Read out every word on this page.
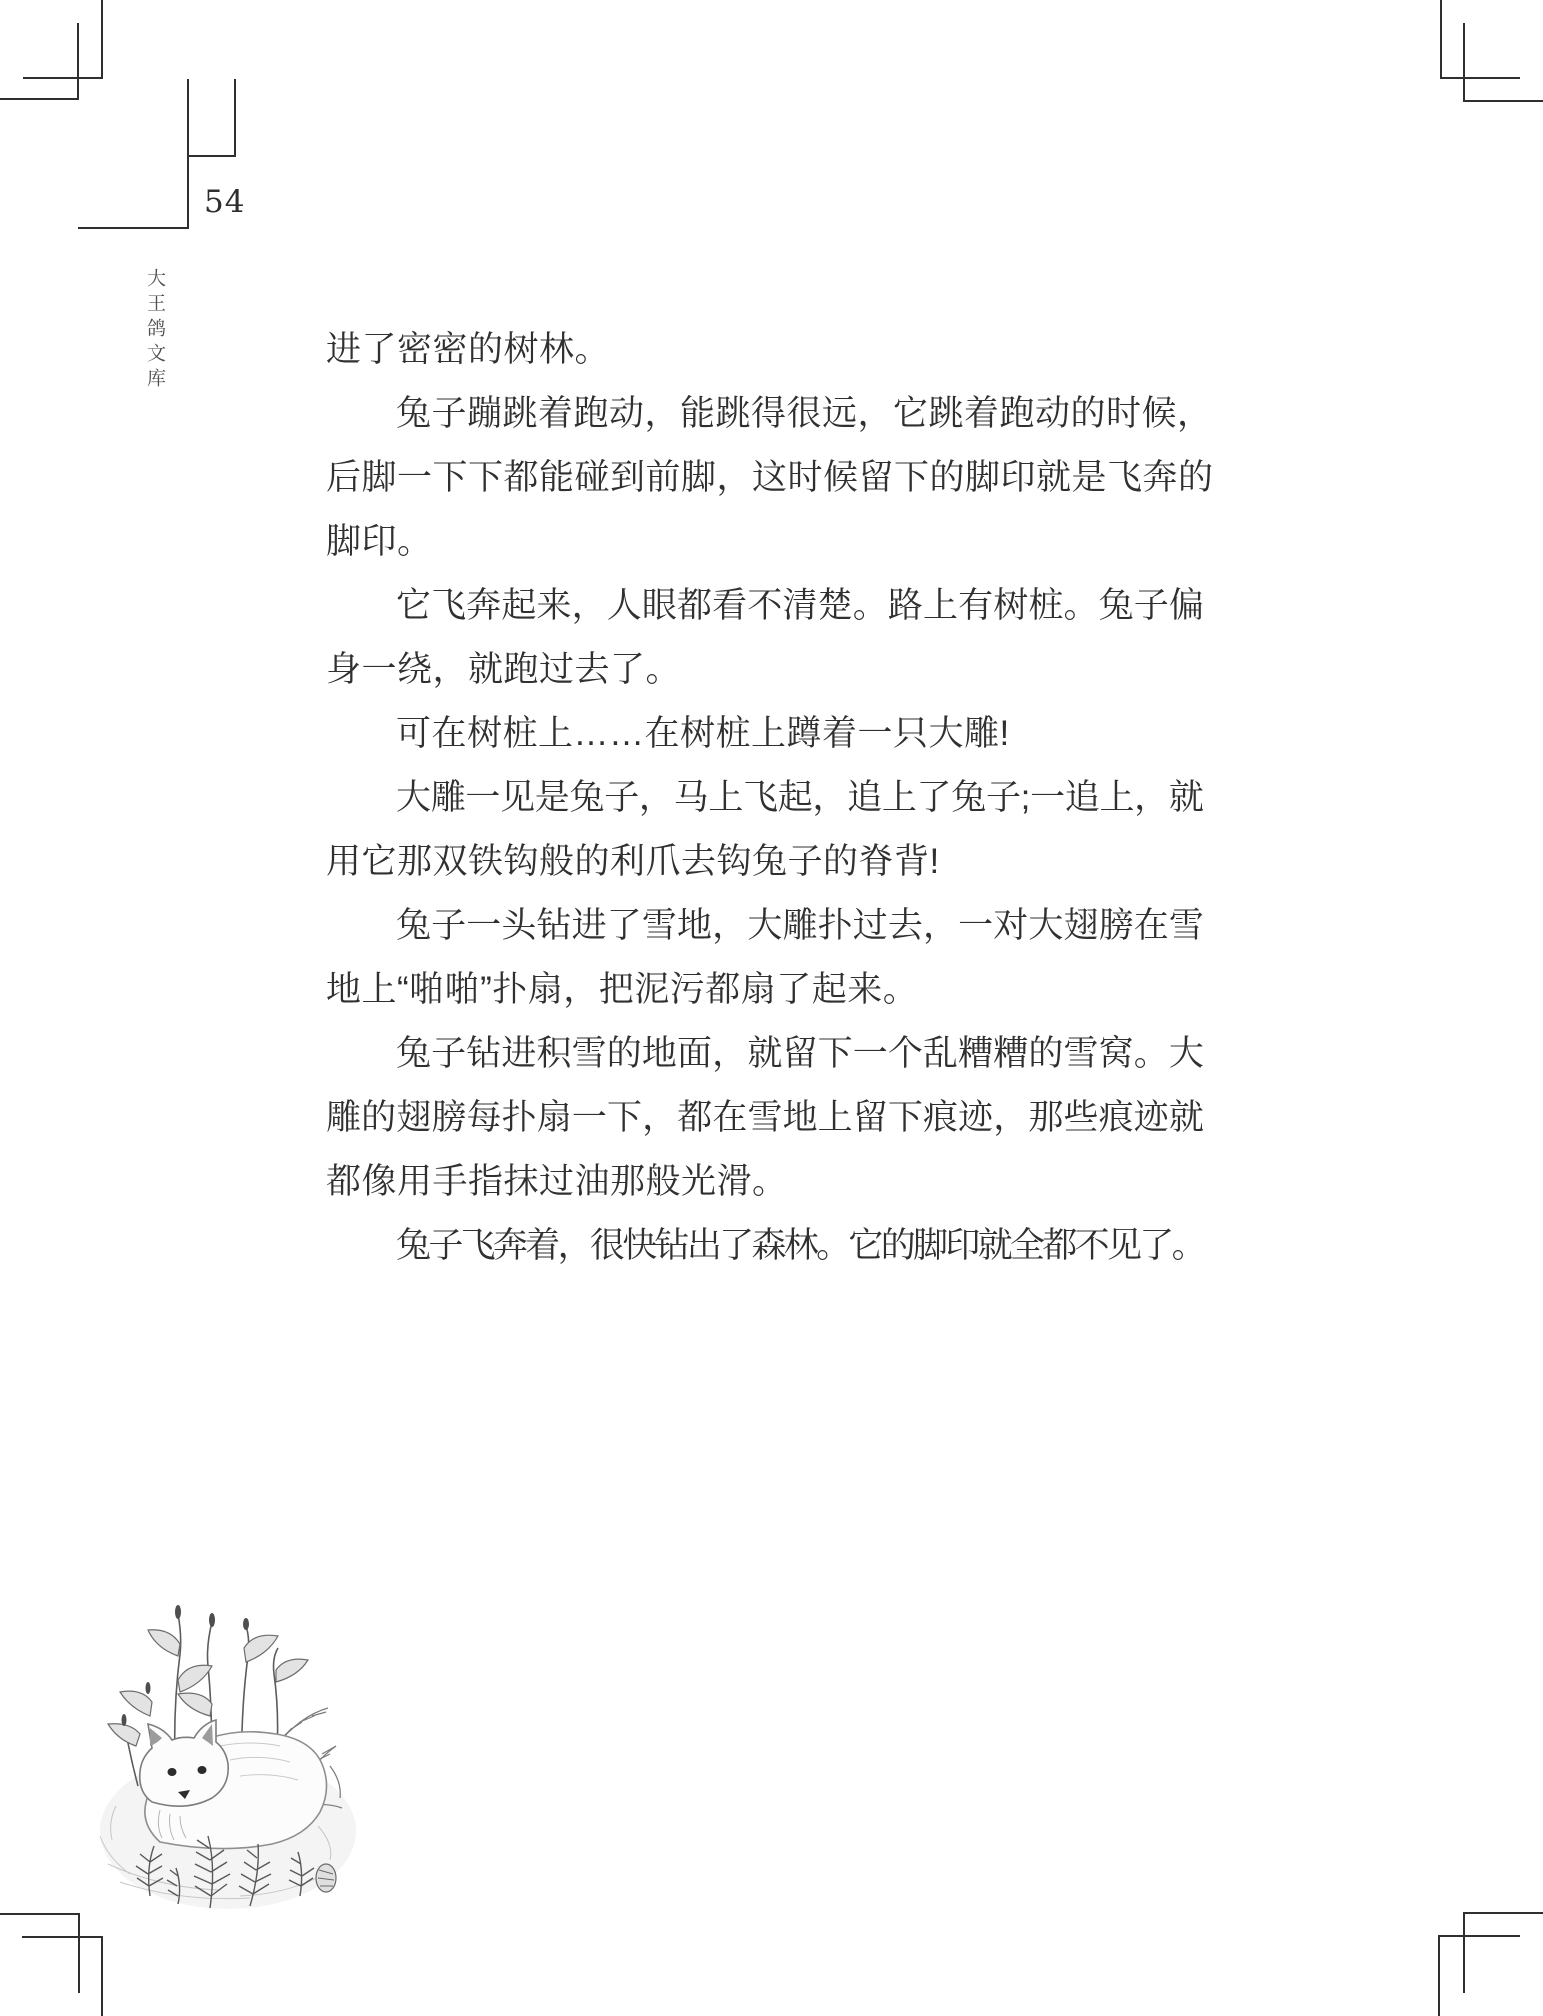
54
大王鸽文库	进了密密的树林。
兔子蹦跳着跑动，能跳得很远，它跳着跑动的时候，
后脚一下下都能碰到前脚，这时候留下的脚印就是飞奔的
脚印。
它飞奔起来，人眼都看不清楚。路上有树桩。兔子偏
身一绕，就跑过去了。
可在树桩上……在树桩上蹲着一只大雕!
大雕一见是兔子，马上飞起，追上了兔子;一追上，就
用它那双铁钩般的利爪去钩兔子的脊背!
兔子一头钻进了雪地，大雕扑过去，一对大翅膀在雪
地上“啪啪”扑扇，把泥污都扇了起来。
兔子钻进积雪的地面，就留下一个乱糟糟的雪窝。大
雕的翅膀每扑扇一下，都在雪地上留下痕迹，那些痕迹就
都像用手指抹过油那般光滑。
兔子飞奔着，很快钻出了森林。它的脚印就全都不见了。
